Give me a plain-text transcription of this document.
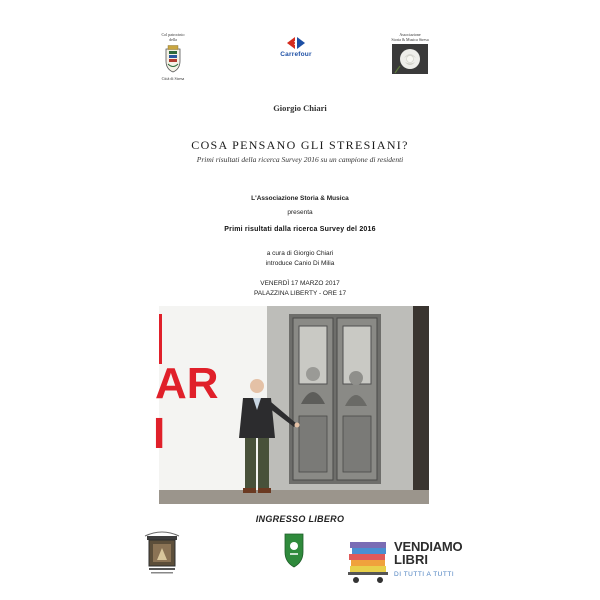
Col patrocinio
della
Città di Stresa
Carrefour
Associazione
Storia & Musica Stresa
Giorgio Chiari
COSA PENSANO GLI STRESIANI?
Primi risultati della ricerca Survey 2016 su un campione di residenti
L'Associazione Storia & Musica
presenta
Primi risultati dalla ricerca Survey del 2016
a cura di Giorgio Chiari
introduce Canio Di Milia
VENERDÌ 17 MARZO 2017
PALAZZINA LIBERTY - ORE 17
AR
I
INGRESSO LIBERO
VENDIAMO
LIBRI
DI TUTTI A TUTTI
